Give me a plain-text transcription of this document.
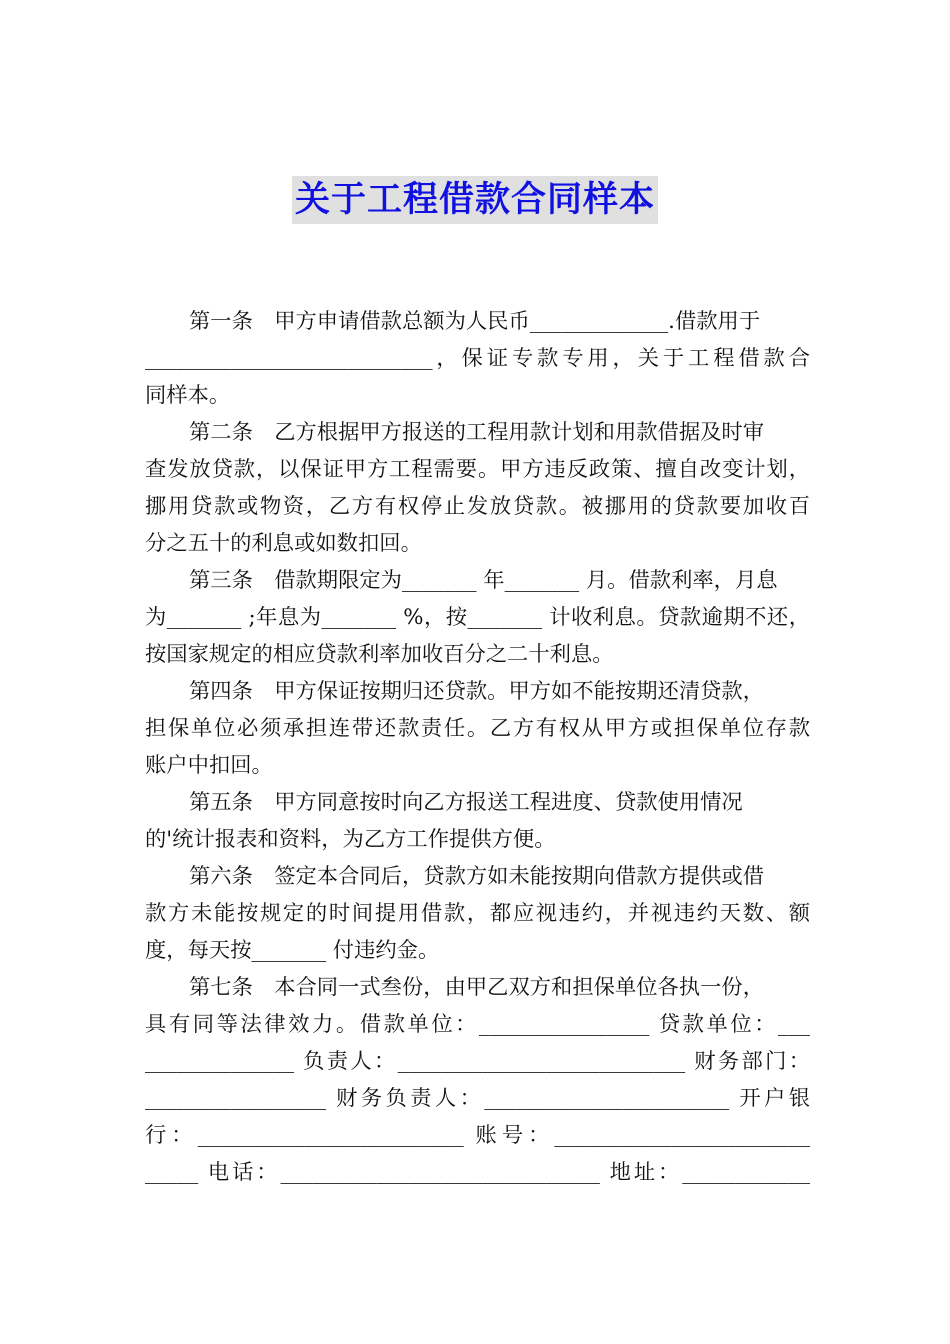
关于工程借款合同样本
第一条　甲方申请借款总额为人民币_____________.借款用于
___________________________，保证专款专用，关于工程借款合
同样本。
第二条　乙方根据甲方报送的工程用款计划和用款借据及时审
查发放贷款，以保证甲方工程需要。甲方违反政策、擅自改变计划，
挪用贷款或物资，乙方有权停止发放贷款。被挪用的贷款要加收百
分之五十的利息或如数扣回。
第三条　借款期限定为_______ 年_______ 月。借款利率，月息
为_______ ;年息为_______ %，按_______ 计收利息。贷款逾期不还，
按国家规定的相应贷款利率加收百分之二十利息。
第四条　甲方保证按期归还贷款。甲方如不能按期还清贷款，
担保单位必须承担连带还款责任。乙方有权从甲方或担保单位存款
账户中扣回。
第五条　甲方同意按时向乙方报送工程进度、贷款使用情况
的'统计报表和资料，为乙方工作提供方便。
第六条　签定本合同后，贷款方如未能按期向借款方提供或借
款方未能按规定的时间提用借款，都应视违约，并视违约天数、额
度，每天按_______ 付违约金。
第七条　本合同一式叁份，由甲乙双方和担保单位各执一份，
具有同等法律效力。借款单位：________________ 贷款单位：___
______________ 负责人：___________________________ 财务部门：
_________________ 财务负责人：_______________________ 开户银
行：_________________________ 账号：________________________
_____ 电话：______________________________ 地址：____________
